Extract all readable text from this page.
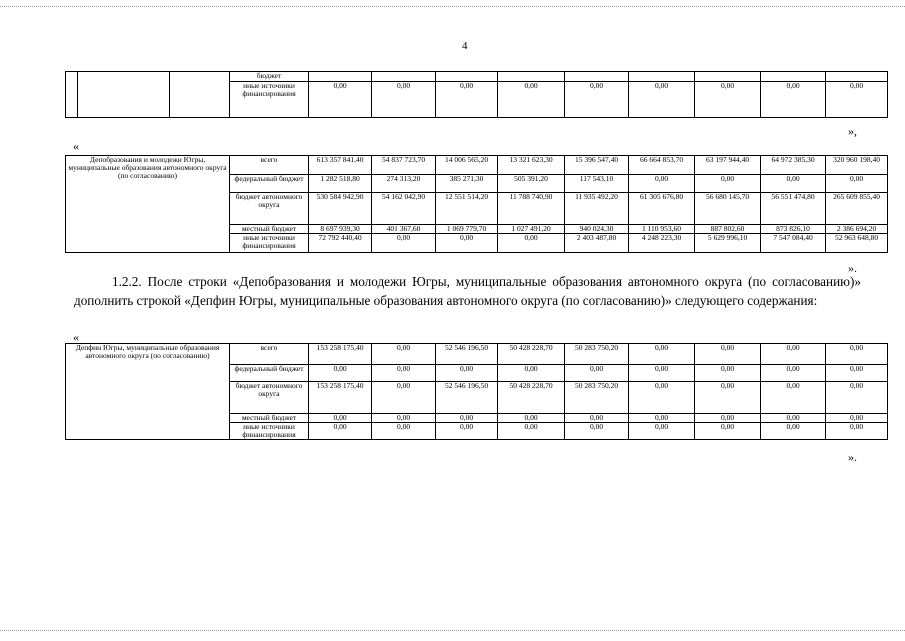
4
			бюджет									
			иные источники финансирования	0,00	0,00	0,00	0,00	0,00	0,00	0,00	0,00	0,00
«
»,
Депобразования и молодежи Югры, муниципальные образования автономного округа (по согласованию)	всего	613 357 841,40	54 837 723,70	14 006 565,20	13 321 623,30	15 396 547,40	66 664 853,70	63 197 944,40	64 972 385,30	320 960 198,40
	федеральный бюджет	1 282 518,80	274 313,20	385 271,30	505 391,20	117 543,10	0,00	0,00	0,00	0,00
	бюджет автономного округа	530 584 942,90	54 162 042,90	12 551 514,20	11 788 740,90	11 935 492,20	61 305 676,80	56 680 145,70	56 551 474,80	265 609 855,40
	местный бюджет	8 697 939,30	401 367,60	1 069 779,70	1 027 491,20	940 024,30	1 110 953,60	887 802,60	873 826,10	2 386 694,20
	иные источники финансирования	72 792 440,40	0,00	0,00	0,00	2 403 487,80	4 248 223,30	5 629 996,10	7 547 084,40	52 963 648,80
».
1.2.2. После строки «Депобразования и молодежи Югры, муниципальные образования автономного округа (по согласованию)» дополнить строкой «Депфин Югры, муниципальные образования автономного округа (по согласованию)» следующего содержания:
«
Депфин Югры, муниципальные образования автономного округа (по согласованию)	всего	153 258 175,40	0,00	52 546 196,50	50 428 228,70	50 283 750,20	0,00	0,00	0,00	0,00
	федеральный бюджет	0,00	0,00	0,00	0,00	0,00	0,00	0,00	0,00	0,00
	бюджет автономного округа	153 258 175,40	0,00	52 546 196,50	50 428 228,70	50 283 750,20	0,00	0,00	0,00	0,00
	местный бюджет	0,00	0,00	0,00	0,00	0,00	0,00	0,00	0,00	0,00
	иные источники финансирования	0,00	0,00	0,00	0,00	0,00	0,00	0,00	0,00	0,00
».
